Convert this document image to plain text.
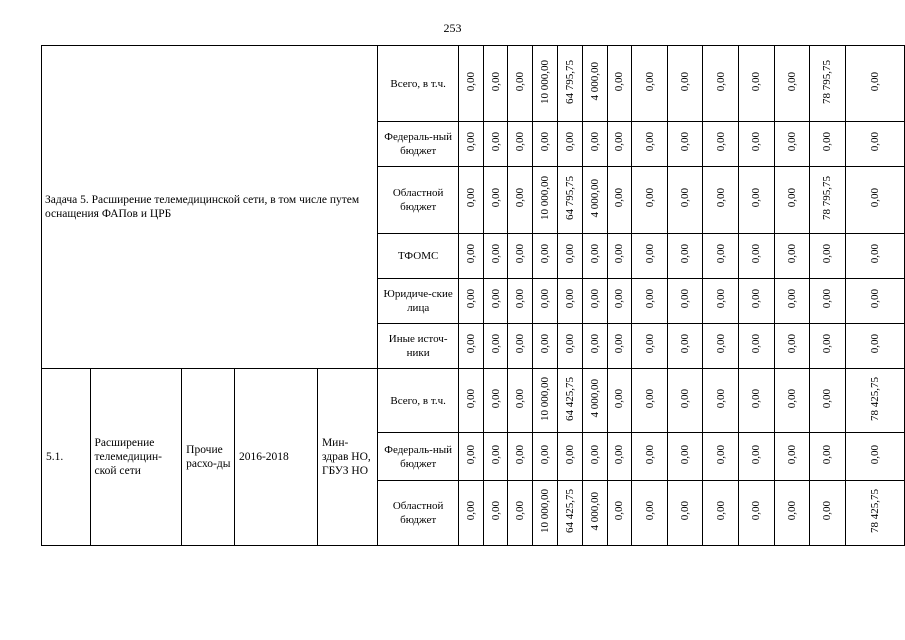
253
Задача 5. Расширение телемедицинской сети, в том числе путем оснащения ФАПов и ЦРБ					Всего, в т.ч.	0,00	0,00	0,00	10 000,00	64 795,75	4 000,00	0,00	0,00	0,00	0,00	0,00	0,00	78 795,75	0,00
					Федераль-ный бюджет	0,00	0,00	0,00	0,00	0,00	0,00	0,00	0,00	0,00	0,00	0,00	0,00	0,00	0,00
					Областной бюджет	0,00	0,00	0,00	10 000,00	64 795,75	4 000,00	0,00	0,00	0,00	0,00	0,00	0,00	78 795,75	0,00
					ТФОМС	0,00	0,00	0,00	0,00	0,00	0,00	0,00	0,00	0,00	0,00	0,00	0,00	0,00	0,00
					Юридиче-ские лица	0,00	0,00	0,00	0,00	0,00	0,00	0,00	0,00	0,00	0,00	0,00	0,00	0,00	0,00
					Иные источ-ники	0,00	0,00	0,00	0,00	0,00	0,00	0,00	0,00	0,00	0,00	0,00	0,00	0,00	0,00
5.1.	Расширение телемедицин-ской сети	Прочие расхо-ды	2016-2018	Мин-здрав НО, ГБУЗ НО	Всего, в т.ч.	0,00	0,00	0,00	10 000,00	64 425,75	4 000,00	0,00	0,00	0,00	0,00	0,00	0,00	0,00	78 425,75
					Федераль-ный бюджет	0,00	0,00	0,00	0,00	0,00	0,00	0,00	0,00	0,00	0,00	0,00	0,00	0,00	0,00
					Областной бюджет	0,00	0,00	0,00	10 000,00	64 425,75	4 000,00	0,00	0,00	0,00	0,00	0,00	0,00	0,00	78 425,75
